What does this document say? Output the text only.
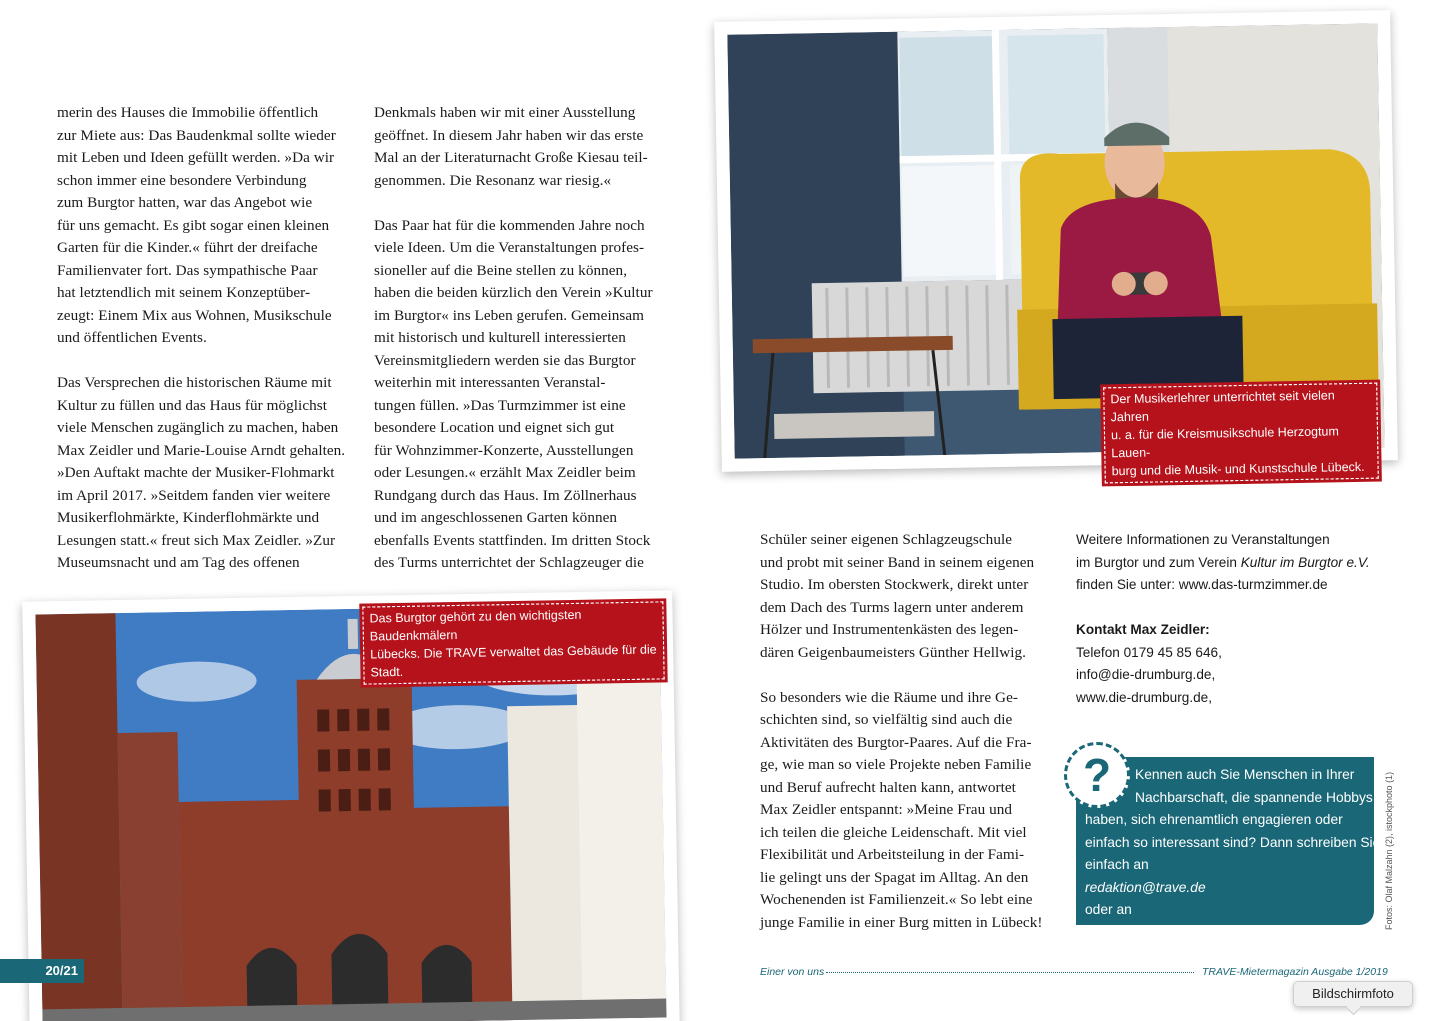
merin des Hauses die Immobilie öffentlich
zur Miete aus: Das Baudenkmal sollte wieder
mit Leben und Ideen gefüllt werden. »Da wir
schon immer eine besondere Verbindung
zum Burgtor hatten, war das Angebot wie
für uns gemacht. Es gibt sogar einen kleinen
Garten für die Kinder.« führt der dreifache
Familienvater fort. Das sympathische Paar
hat letztendlich mit seinem Konzeptüber-
zeugt: Einem Mix aus Wohnen, Musikschule
und öffentlichen Events.

Das Versprechen die historischen Räume mit
Kultur zu füllen und das Haus für möglichst
viele Menschen zugänglich zu machen, haben
Max Zeidler und Marie-Louise Arndt gehalten.
»Den Auftakt machte der Musiker-Flohmarkt
im April 2017. »Seitdem fanden vier weitere
Musikerflohmärkte, Kinderflohmärkte und
Lesungen statt.« freut sich Max Zeidler. »Zur
Museumsnacht und am Tag des offenen

Denkmals haben wir mit einer Ausstellung
geöffnet. In diesem Jahr haben wir das erste
Mal an der Literaturnacht Große Kiesau teil-
genommen. Die Resonanz war riesig.«

Das Paar hat für die kommenden Jahre noch
viele Ideen. Um die Veranstaltungen profes-
sioneller auf die Beine stellen zu können,
haben die beiden kürzlich den Verein »Kultur
im Burgtor« ins Leben gerufen. Gemeinsam
mit historisch und kulturell interessierten
Vereinsmitgliedern werden sie das Burgtor
weiterhin mit interessanten Veranstal-
tungen füllen. »Das Turmzimmer ist eine
besondere Location und eignet sich gut
für Wohnzimmer-Konzerte, Ausstellungen
oder Lesungen.« erzählt Max Zeidler beim
Rundgang durch das Haus. Im Zöllnerhaus
und im angeschlossenen Garten können
ebenfalls Events stattfinden. Im dritten Stock
des Turms unterrichtet der Schlagzeuger die

Der Musikerlehrer unterrichtet seit vielen Jahren
u. a. für die Kreismusikschule Herzogtum Lauen-
burg und die Musik- und Kunstschule Lübeck.

Schüler seiner eigenen Schlagzeugschule
und probt mit seiner Band in seinem eigenen
Studio. Im obersten Stockwerk, direkt unter
dem Dach des Turms lagern unter anderem
Hölzer und Instrumentenkästen des legen-
dären Geigenbaumeisters Günther Hellwig.

So besonders wie die Räume und ihre Ge-
schichten sind, so vielfältig sind auch die
Aktivitäten des Burgtor-Paares. Auf die Fra-
ge, wie man so viele Projekte neben Familie
und Beruf aufrecht halten kann, antwortet
Max Zeidler entspannt: »Meine Frau und
ich teilen die gleiche Leidenschaft. Mit viel
Flexibilität und Arbeitsteilung in der Fami-
lie gelingt uns der Spagat im Alltag. An den
Wochenenden ist Familienzeit.« So lebt eine
junge Familie in einer Burg mitten in Lübeck!

Weitere Informationen zu Veranstaltungen
im Burgtor und zum Verein Kultur im Burgtor e.V.
finden Sie unter: www.das-turmzimmer.de
Kontakt Max Zeidler:
Telefon 0179 45 85 646,
info@die-drumburg.de,
www.die-drumburg.de,
Kennen auch Sie Menschen in Ihrer
Nachbarschaft, die spannende Hobbys
haben, sich ehrenamtlich engagieren oder
einfach so interessant sind? Dann schreiben Sie
einfach an
redaktion@trave.de
oder an
Grundstücks-Gesellschaft TRAVE mbH,
Falkenstraße 11, 23564 Lübeck.
?	Fotos: Olaf Malzahn (2), istockphoto (1)
Das Burgtor gehört zu den wichtigsten Baudenkmälern
Lübecks. Die TRAVE verwaltet das Gebäude für die Stadt.
20/21	Einer von uns	TRAVE-Mietermagazin Ausgabe 1/2019
Bildschirmfoto
